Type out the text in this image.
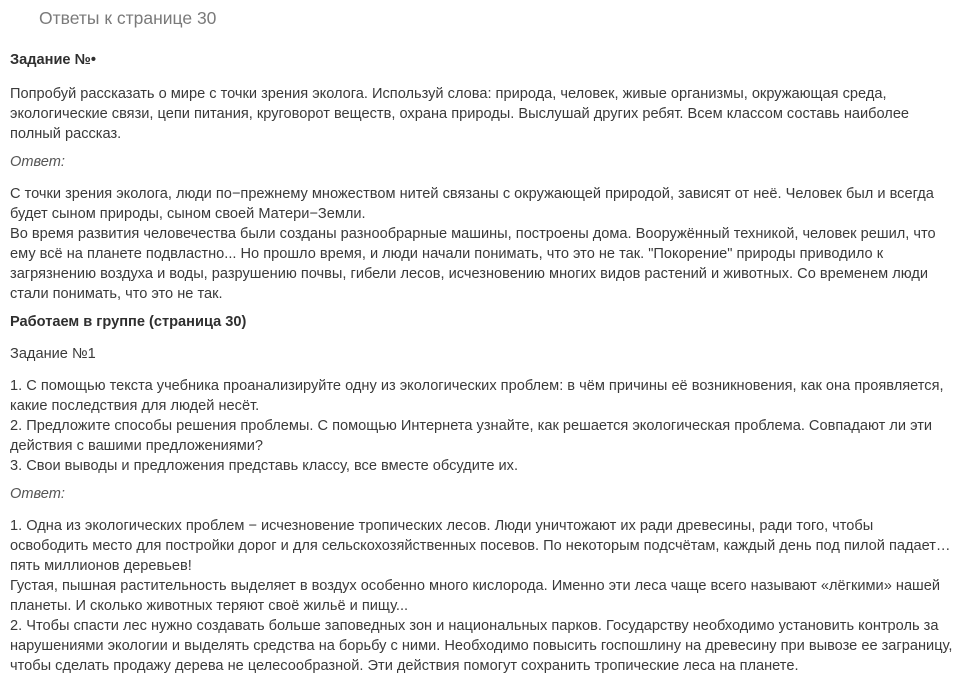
Ответы к странице 30
Задание №•

Попробуй рассказать о мире с точки зрения эколога. Используй слова: природа, человек, живые организмы, окружающая среда, экологические связи, цепи питания, круговорот веществ, охрана природы. Выслушай других ребят. Всем классом составь наиболее полный рассказ.

Ответ:

С точки зрения эколога, люди по−прежнему множеством нитей связаны с окружающей природой, зависят от неё. Человек был и всегда будет сыном природы, сыном своей Матери−Земли.

Во время развития человечества были созданы разнообрарные машины, построены дома. Вооружённый техникой, человек решил, что ему всё на планете подвластно... Но прошло время, и люди начали понимать, что это не так. "Покорение" природы приводило к загрязнению воздуха и воды, разрушению почвы, гибели лесов, исчезновению многих видов растений и животных. Со временем люди стали понимать, что это не так.

Работаем в группе (страница 30)

Задание №1

1. С помощью текста учебника проанализируйте одну из экологических проблем: в чём причины её возникновения, как она проявляется, какие последствия для людей несёт.

2. Предложите способы решения проблемы. С помощью Интернета узнайте, как решается экологическая проблема. Совпадают ли эти действия с вашими предложениями?

3. Свои выводы и предложения представь классу, все вместе обсудите их.

Ответ:

1. Одна из экологических проблем − исчезновение тропических лесов. Люди уничтожают их ради древесины, ради того, чтобы освободить место для постройки дорог и для сельскохозяйственных посевов. По некоторым подсчётам, каждый день под пилой падает… пять миллионов деревьев!

Густая, пышная растительность выделяет в воздух особенно много кислорода. Именно эти леса чаще всего называют «лёгкими» нашей планеты. И сколько животных теряют своё жильё и пищу...

2. Чтобы спасти лес нужно создавать больше заповедных зон и национальных парков. Государству необходимо установить контроль за нарушениями экологии и выделять средства на борьбу с ними. Необходимо повысить госпошлину на древесину при вывозе ее заграницу, чтобы сделать продажу дерева не целесообразной. Эти действия помогут сохранить тропические леса на планете.
